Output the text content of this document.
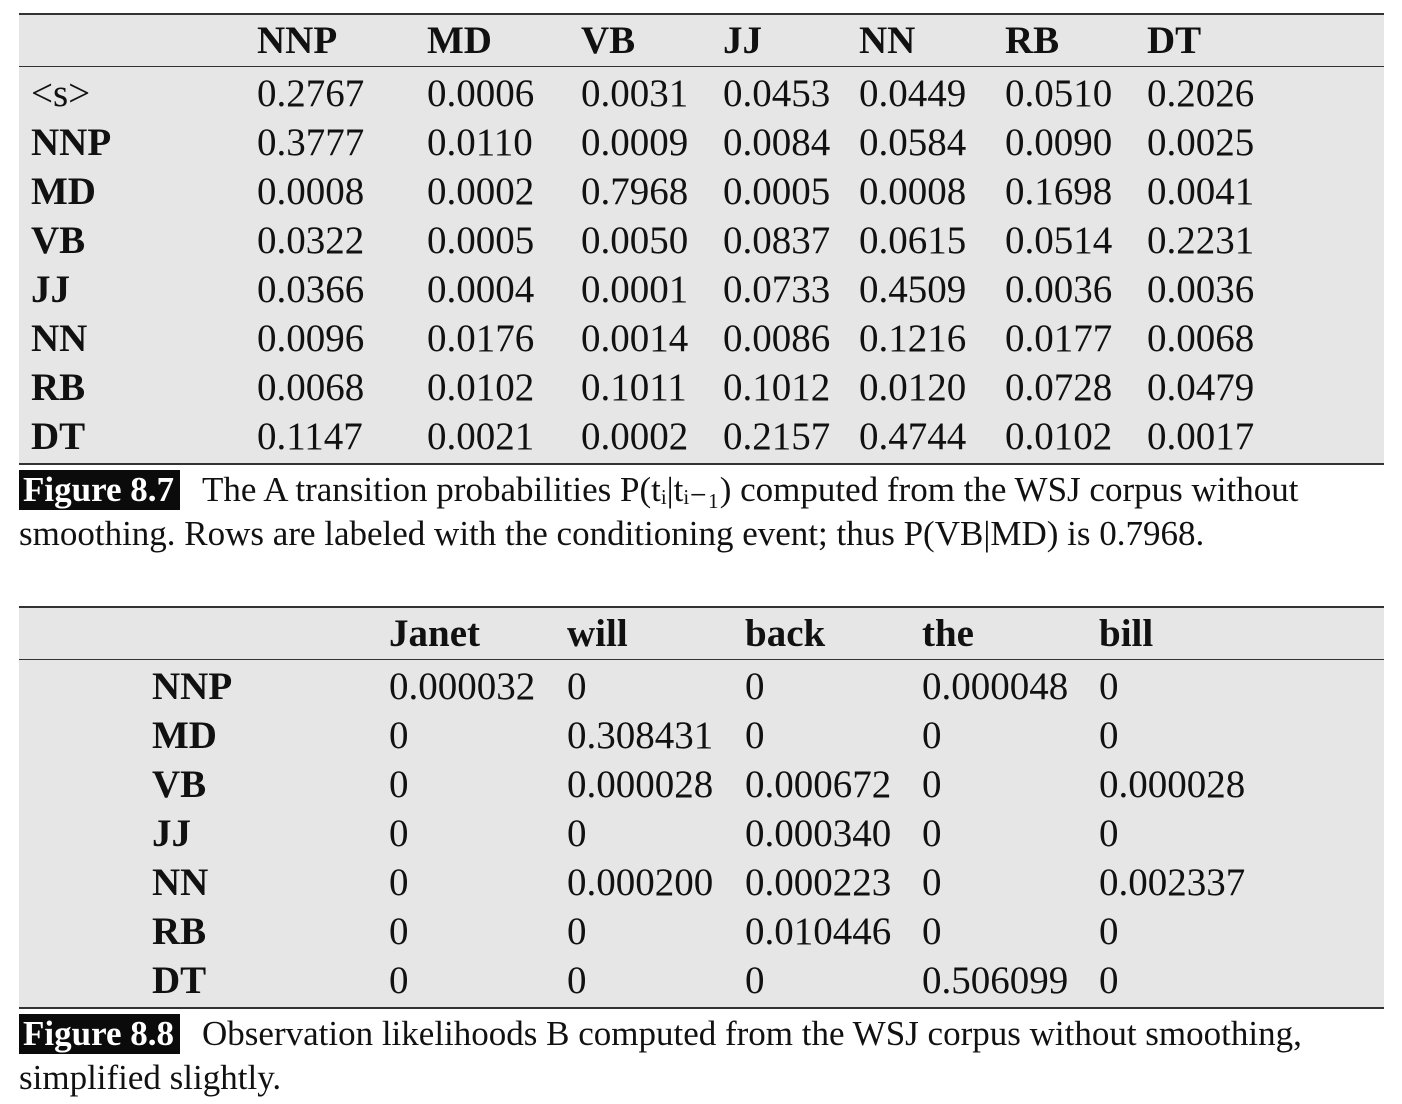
NNP MD VB JJ NN RB DT
<s>	0.2767 0.0006 0.0031 0.0453 0.0449 0.0510 0.2026
NNP	0.3777 0.0110 0.0009 0.0084 0.0584 0.0090 0.0025
MD	0.0008 0.0002 0.7968 0.0005 0.0008 0.1698 0.0041
VB	0.0322 0.0005 0.0050 0.0837 0.0615 0.0514 0.2231
JJ	0.0366 0.0004 0.0001 0.0733 0.4509 0.0036 0.0036
NN	0.0096 0.0176 0.0014 0.0086 0.1216 0.0177 0.0068
RB	0.0068 0.0102 0.1011 0.1012 0.0120 0.0728 0.0479
DT	0.1147 0.0021 0.0002 0.2157 0.4744 0.0102 0.0017
Figure 8.7 The A transition probabilities P(tᵢ|tᵢ₋₁) computed from the WSJ corpus without
smoothing. Rows are labeled with the conditioning event; thus P(VB|MD) is 0.7968.
Janet will	back the	bill
NNP	0.000032 0	0	0.000048 0
MD	0	0.308431 0	0	0
VB	0	0.000028 0.000672 0	0.000028
JJ	0	0	0.000340 0	0
NN	0	0.000200 0.000223 0	0.002337
RB	0	0	0.010446 0	0
DT	0	0	0	0.506099 0
Figure 8.8 Observation likelihoods B computed from the WSJ corpus without smoothing,
simplified slightly.
